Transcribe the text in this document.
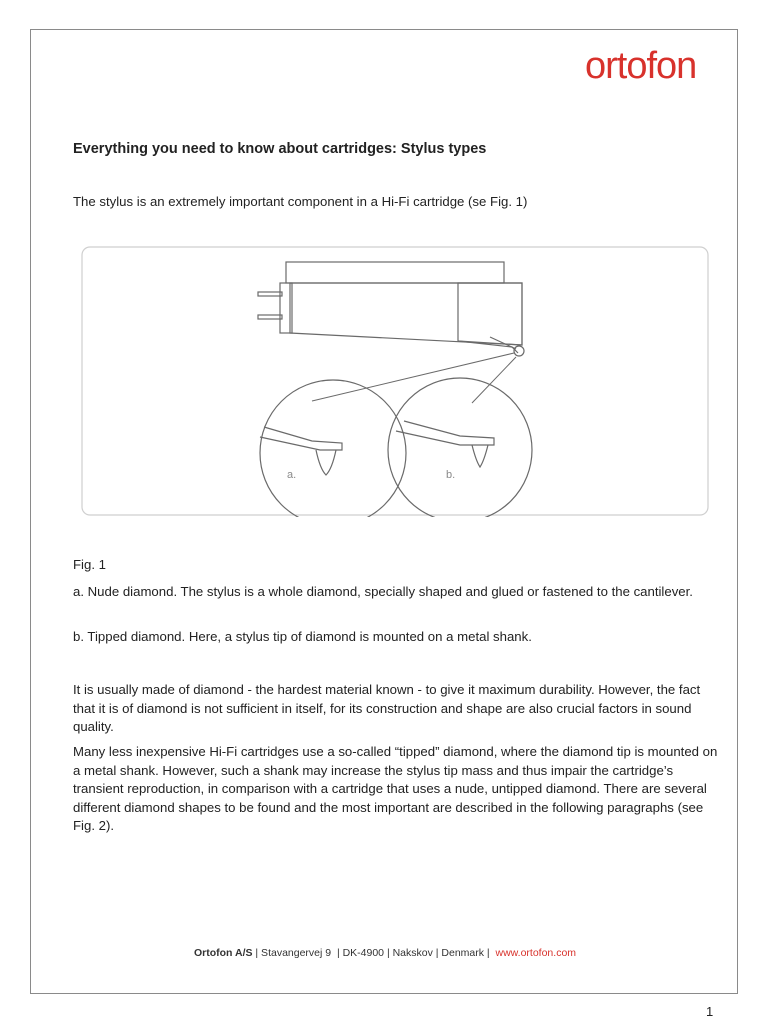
ortofon
Everything you need to know about cartridges: Stylus types

The stylus is an extremely important component in a Hi-Fi cartridge (se Fig. 1)

a.	b.

Fig. 1

a. Nude diamond. The stylus is a whole diamond, specially shaped and glued or fastened to the cantilever.

b. Tipped diamond. Here, a stylus tip of diamond is mounted on a metal shank.

It is usually made of diamond - the hardest material known - to give it maximum durability. However, the fact that it is of diamond is not sufficient in itself, for its construction and shape are also crucial factors in sound quality.

Many less inexpensive Hi-Fi cartridges use a so-called “tipped” diamond, where the diamond tip is mounted on a metal shank. However, such a shank may increase the stylus tip mass and thus impair the cartridge’s transient reproduction, in comparison with a cartridge that uses a nude, untipped diamond. There are several different diamond shapes to be found and the most important are described in the following paragraphs (see Fig. 2).

Ortofon A/S | Stavangervej 9  | DK-4900 | Nakskov | Denmark |  www.ortofon.com
1
